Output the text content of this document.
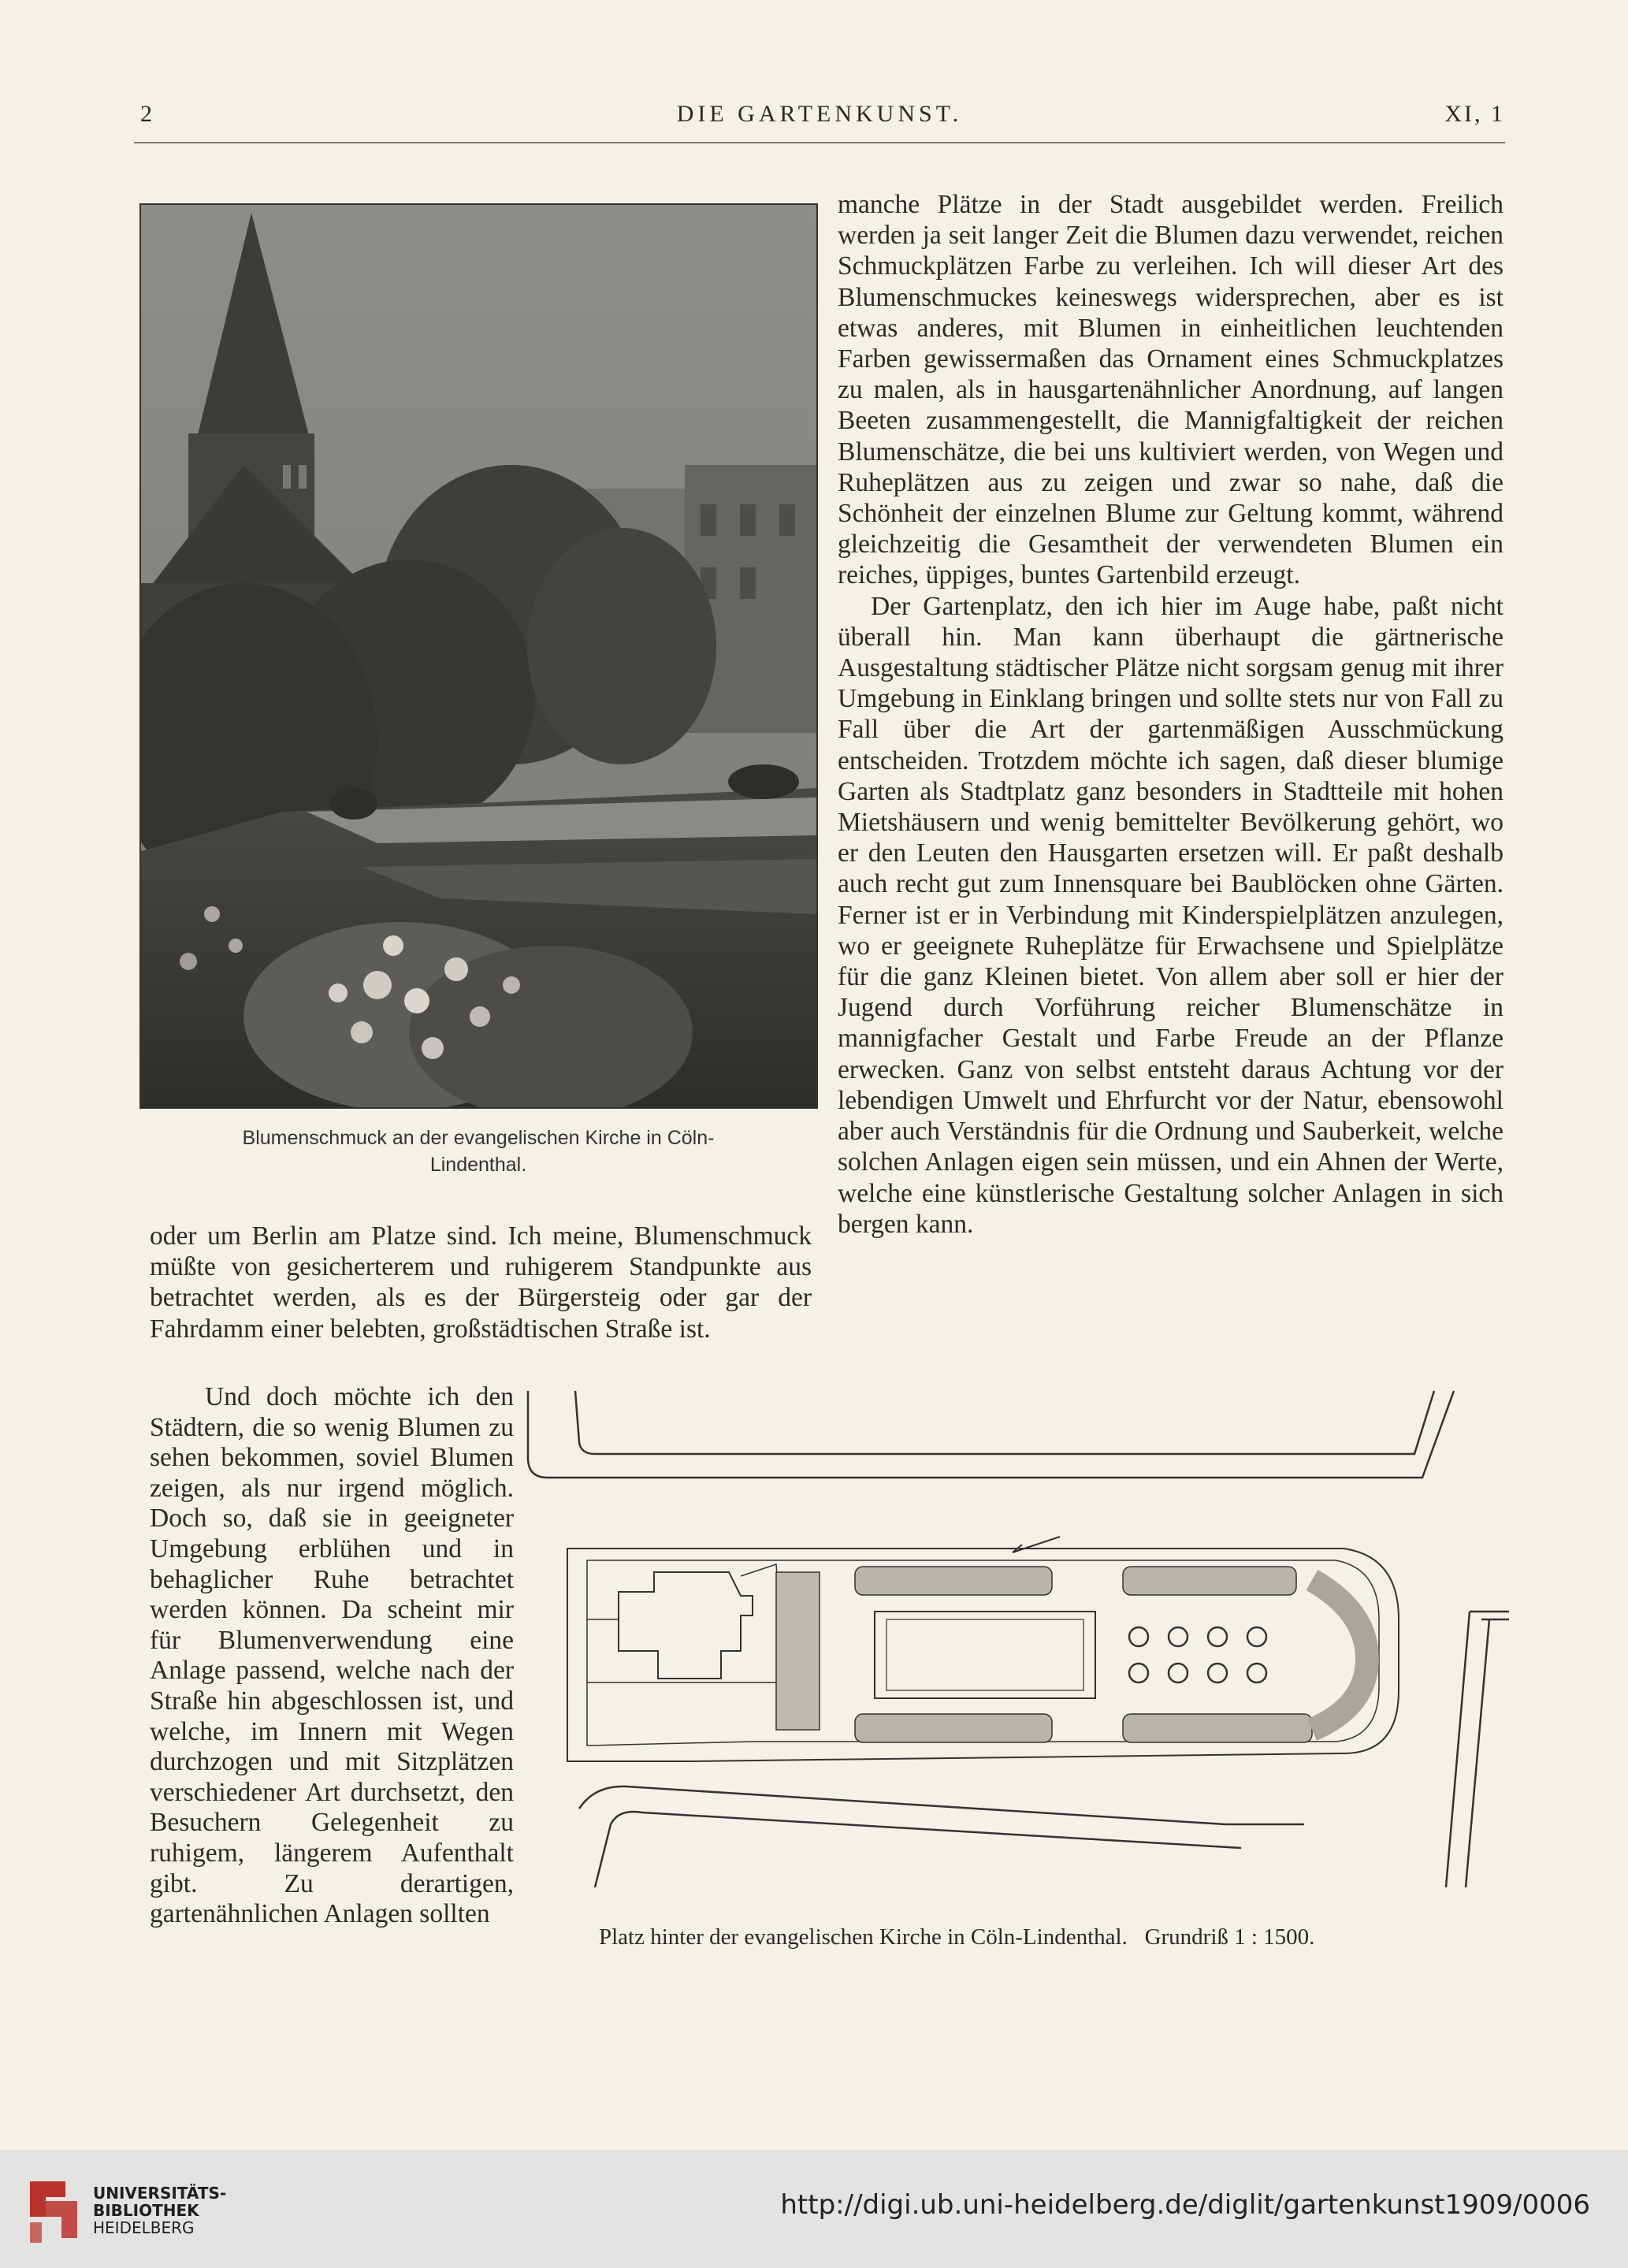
2	DIE GARTENKUNST.	XI, 1
Blumenschmuck an der evangelischen Kirche in Cöln-
Lindenthal.

manche Plätze in der Stadt ausgebildet werden. Freilich werden ja seit langer Zeit die Blumen dazu verwendet, reichen Schmuckplätzen Farbe zu verleihen. Ich will dieser Art des Blumenschmuckes keineswegs widersprechen, aber es ist etwas anderes, mit Blumen in einheitlichen leuchtenden Farben gewissermaßen das Ornament eines Schmuckplatzes zu malen, als in hausgartenähnlicher Anordnung, auf langen Beeten zusammengestellt, die Mannigfaltigkeit der reichen Blumenschätze, die bei uns kultiviert werden, von Wegen und Ruheplätzen aus zu zeigen und zwar so nahe, daß die Schönheit der einzelnen Blume zur Geltung kommt, während gleichzeitig die Gesamtheit der verwendeten Blumen ein reiches, üppiges, buntes Gartenbild erzeugt.

Der Gartenplatz, den ich hier im Auge habe, paßt nicht überall hin. Man kann überhaupt die gärtnerische Ausgestaltung städtischer Plätze nicht sorgsam genug mit ihrer Umgebung in Einklang bringen und sollte stets nur von Fall zu Fall über die Art der gartenmäßigen Ausschmückung entscheiden. Trotzdem möchte ich sagen, daß dieser blumige Garten als Stadtplatz ganz besonders in Stadtteile mit hohen Mietshäusern und wenig bemittelter Bevölkerung gehört, wo er den Leuten den Hausgarten ersetzen will. Er paßt deshalb auch recht gut zum Innensquare bei Baublöcken ohne Gärten. Ferner ist er in Verbindung mit Kinderspielplätzen anzulegen, wo er geeignete Ruheplätze für Erwachsene und Spielplätze für die ganz Kleinen bietet. Von allem aber soll er hier der Jugend durch Vorführung reicher Blumenschätze in mannigfacher Gestalt und Farbe Freude an der Pflanze erwecken. Ganz von selbst entsteht daraus Achtung vor der lebendigen Umwelt und Ehrfurcht vor der Natur, ebensowohl aber auch Verständnis für die Ordnung und Sauberkeit, welche solchen Anlagen eigen sein müssen, und ein Ahnen der Werte, welche eine künstlerische Gestaltung solcher Anlagen in sich bergen kann.

oder um Berlin am Platze sind. Ich meine, Blumenschmuck müßte von gesicherterem und ruhigerem Standpunkte aus betrachtet werden, als es der Bürgersteig oder gar der Fahrdamm einer belebten, großstädtischen Straße ist.

Und doch möchte ich den Städtern, die so wenig Blumen zu sehen bekommen, soviel Blumen zeigen, als nur irgend möglich. Doch so, daß sie in geeigneter Umgebung erblühen und in behaglicher Ruhe betrachtet werden können. Da scheint mir für Blumenverwendung eine Anlage passend, welche nach der Straße hin abgeschlossen ist, und welche, im Innern mit Wegen durchzogen und mit Sitzplätzen verschiedener Art durchsetzt, den Besuchern Gelegenheit zu ruhigem, längerem Aufenthalt gibt. Zu derartigen, gartenähnlichen Anlagen sollten

Platz hinter der evangelischen Kirche in Cöln-Lindenthal. Grundriß 1 : 1500.
UNIVERSITÄTS-
BIBLIOTHEK
HEIDELBERG
http://digi.ub.uni-heidelberg.de/diglit/gartenkunst1909/0006
